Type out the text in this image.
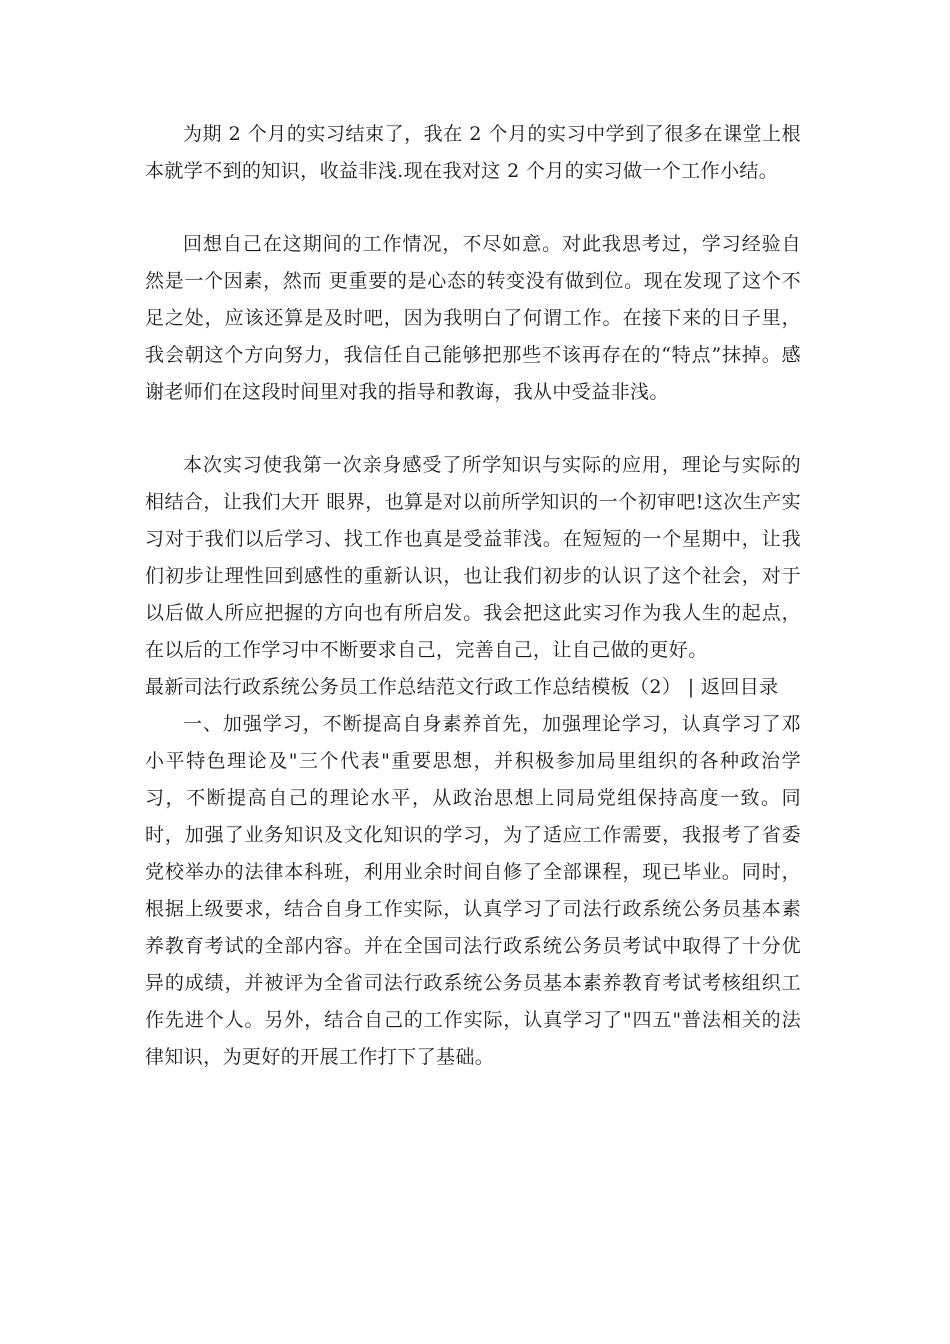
为期 2 个月的实习结束了，我在 2 个月的实习中学到了很多在课堂上根本就学不到的知识，收益非浅.现在我对这 2 个月的实习做一个工作小结。

回想自己在这期间的工作情况，不尽如意。对此我思考过，学习经验自然是一个因素，然而 更重要的是心态的转变没有做到位。现在发现了这个不足之处，应该还算是及时吧，因为我明白了何谓工作。在接下来的日子里，我会朝这个方向努力，我信任自己能够把那些不该再存在的“特点”抹掉。感谢老师们在这段时间里对我的指导和教诲，我从中受益非浅。

本次实习使我第一次亲身感受了所学知识与实际的应用，理论与实际的相结合，让我们大开 眼界，也算是对以前所学知识的一个初审吧!这次生产实习对于我们以后学习、找工作也真是受益菲浅。在短短的一个星期中，让我们初步让理性回到感性的重新认识，也让我们初步的认识了这个社会，对于以后做人所应把握的方向也有所启发。我会把这此实习作为我人生的起点，在以后的工作学习中不断要求自己，完善自己，让自己做的更好。

最新司法行政系统公务员工作总结范文行政工作总结模板（2） | 返回目录

一、加强学习，不断提高自身素养首先，加强理论学习，认真学习了邓小平特色理论及"三个代表"重要思想，并积极参加局里组织的各种政治学习，不断提高自己的理论水平，从政治思想上同局党组保持高度一致。同时，加强了业务知识及文化知识的学习，为了适应工作需要，我报考了省委党校举办的法律本科班，利用业余时间自修了全部课程，现已毕业。同时，根据上级要求，结合自身工作实际，认真学习了司法行政系统公务员基本素养教育考试的全部内容。并在全国司法行政系统公务员考试中取得了十分优异的成绩，并被评为全省司法行政系统公务员基本素养教育考试考核组织工作先进个人。另外，结合自己的工作实际，认真学习了"四五"普法相关的法律知识，为更好的开展工作打下了基础。
